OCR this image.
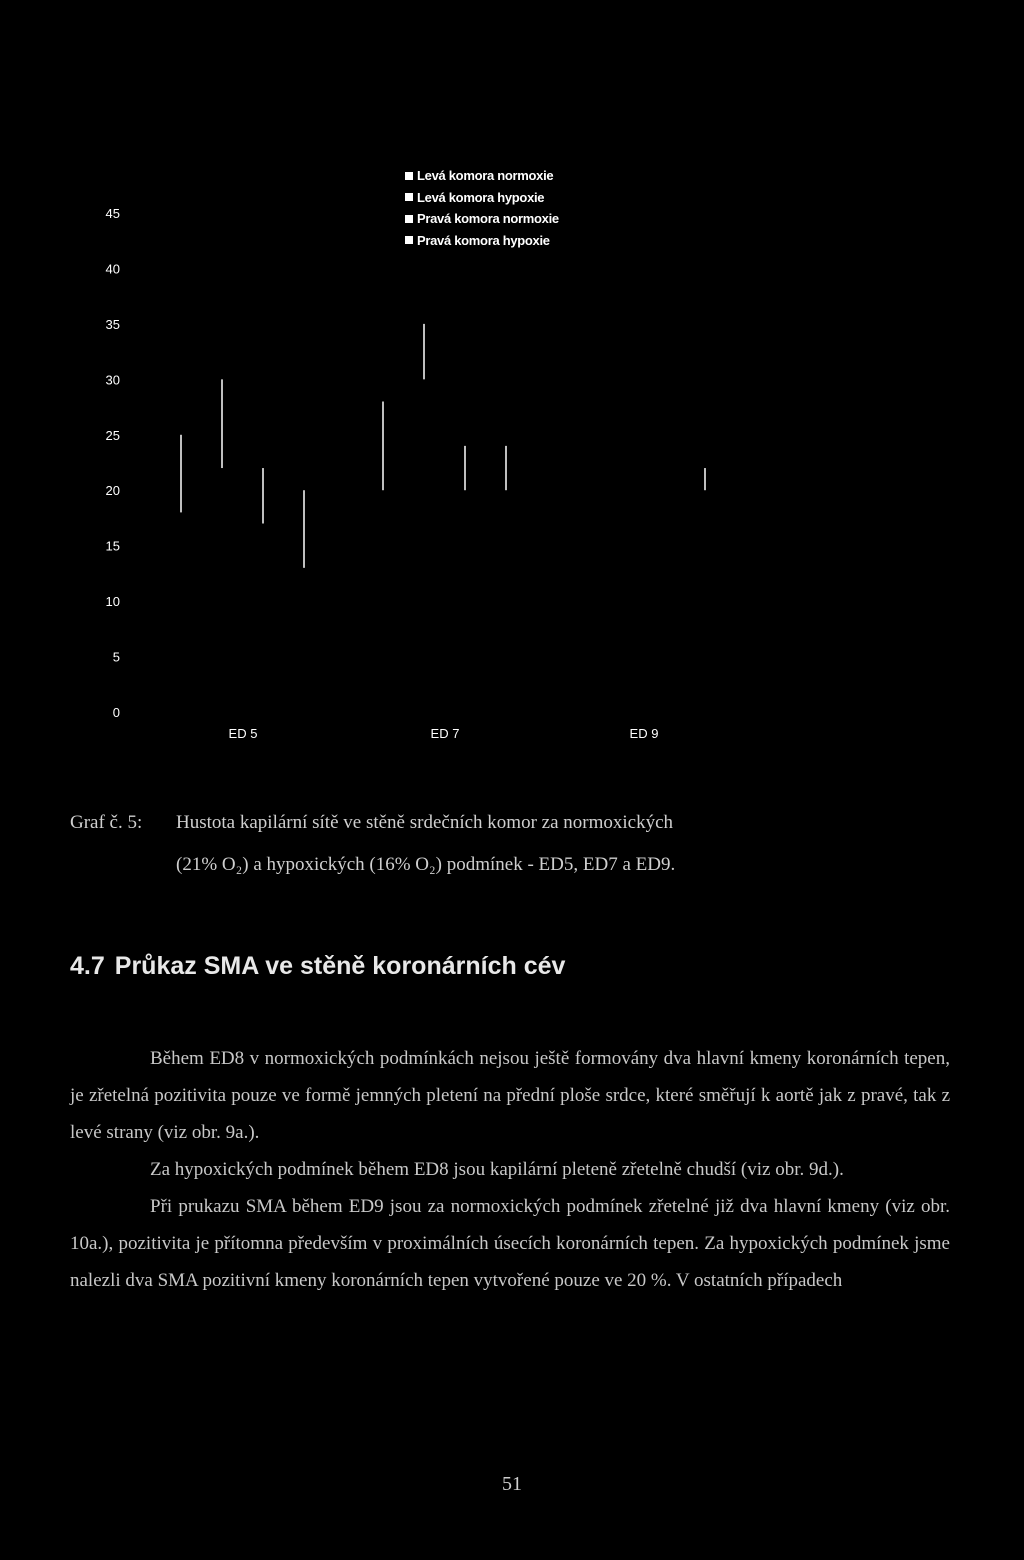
0
5
10
15
20
25
30
35
40
45
ED 5	ED 7	ED 9
Levá komora normoxie
Levá komora hypoxie
Pravá komora normoxie
Pravá komora hypoxie
Graf č. 5:	Hustota kapilární sítě ve stěně srdečních komor za normoxických
(21% O₂) a hypoxických (16% O₂) podmínek - ED5, ED7 a ED9.
4.7 Průkaz SMA ve stěně koronárních cév

Během ED8 v normoxických podmínkách nejsou ještě formovány dva hlavní kmeny koronárních tepen, je zřetelná pozitivita pouze ve formě jemných pletení na přední ploše srdce, které směřují k aortě jak z pravé, tak z levé strany (viz obr. 9a.).

Za hypoxických podmínek během ED8 jsou kapilární pleteně zřetelně chudší (viz obr. 9d.).

Při prukazu SMA během ED9 jsou za normoxických podmínek zřetelné již dva hlavní kmeny (viz obr. 10a.), pozitivita je přítomna především v proximálních úsecích koronárních tepen. Za hypoxických podmínek jsme nalezli dva SMA pozitivní kmeny koronárních tepen vytvořené pouze ve 20 %. V ostatních případech

51
